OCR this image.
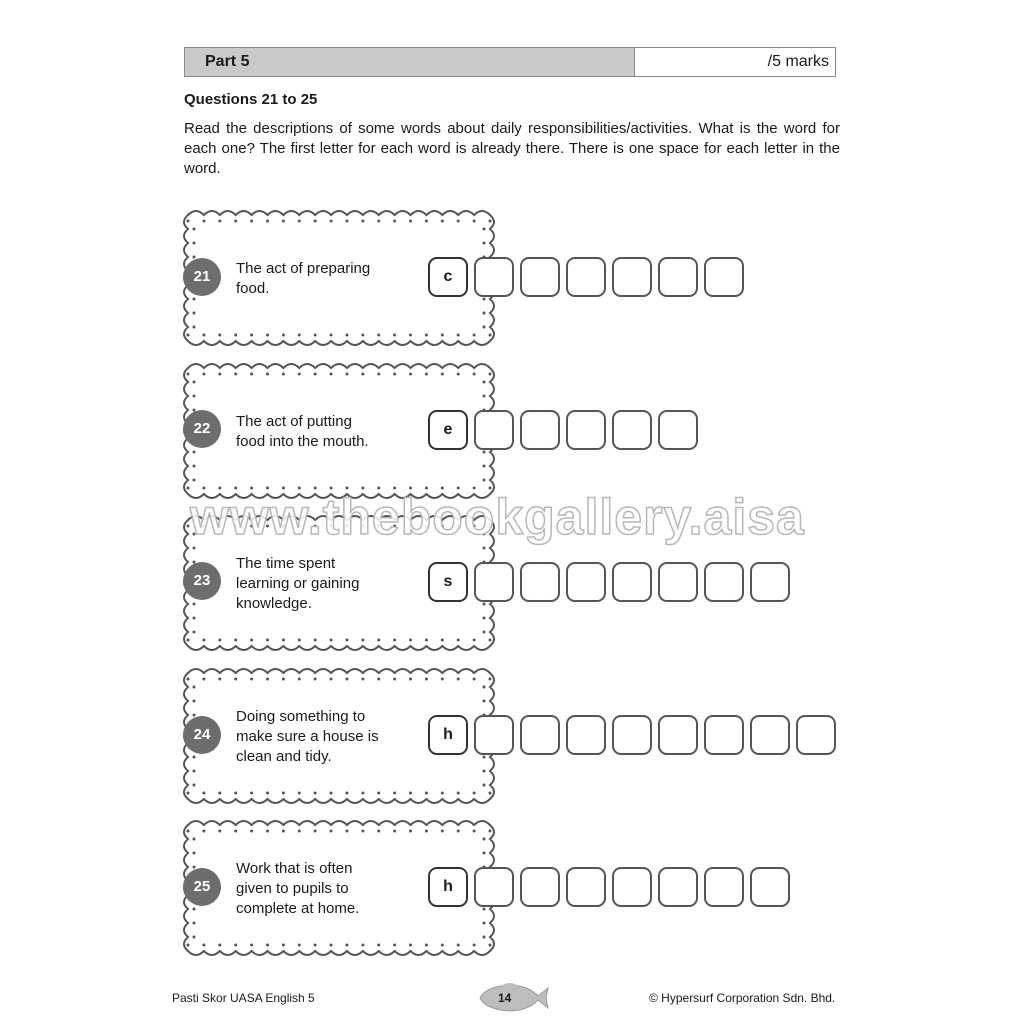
Part 5	/5 marks
Questions 21 to 25
Read the descriptions of some words about daily responsibilities/activities. What is the word for each one? The first letter for each word is already there. There is one space for each letter in the word.
21	The act of preparing
food.
c
22	The act of putting
food into the mouth.
e
23
The time spent
learning or gaining
knowledge.
s
24
Doing something to
make sure a house is
clean and tidy.
h
25
Work that is often
given to pupils to
complete at home.
h
www.thebookgallery.aisa
Pasti Skor UASA English 5	14	© Hypersurf Corporation Sdn. Bhd.
